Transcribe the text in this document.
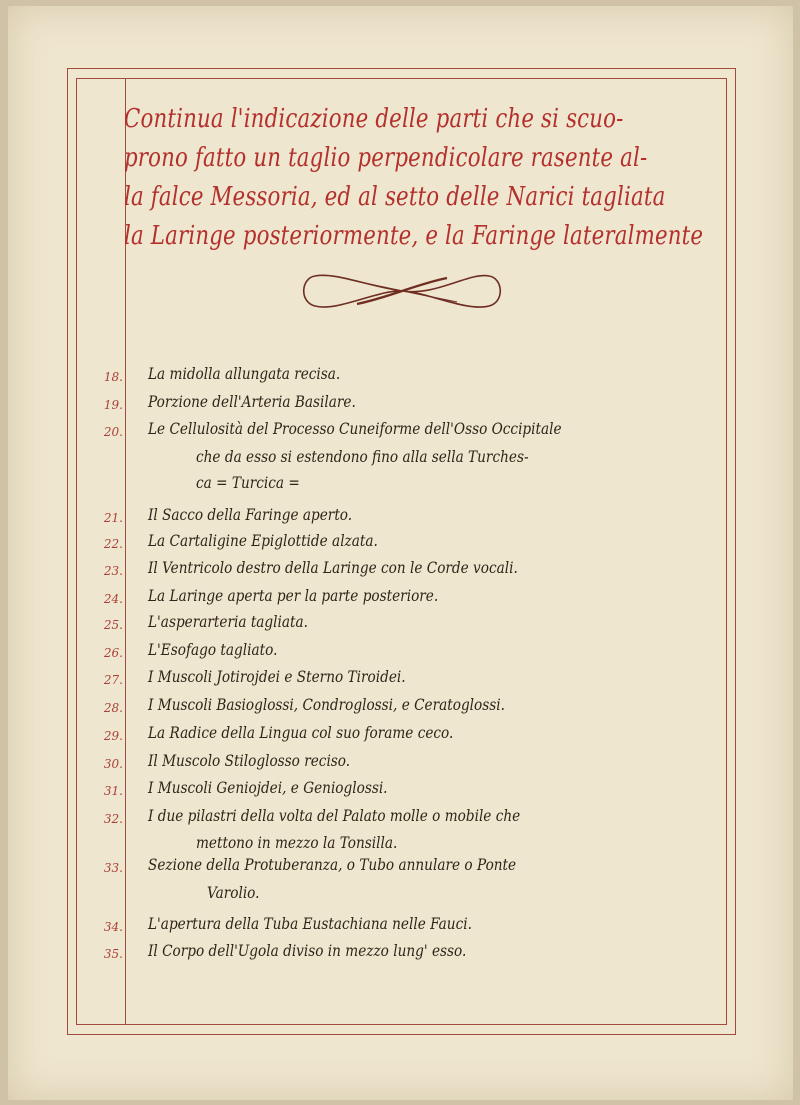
Continua l'indicazione delle parti che si scuo-
prono fatto un taglio perpendicolare rasente al-
la falce Messoria, ed al setto delle Narici tagliata
la Laringe posteriormente, e la Faringe lateralmente
18. La midolla allungata recisa.
19. Porzione dell'Arteria Basilare.
20. Le Cellulosità del Processo Cuneiforme dell'Osso Occipitale
che da esso si estendono fino alla sella Turches-
ca = Turcica =
21. Il Sacco della Faringe aperto.
22. La Cartaligine Epiglottide alzata.
23. Il Ventricolo destro della Laringe con le Corde vocali.
24. La Laringe aperta per la parte posteriore.
25. L'asperarteria tagliata.
26. L'Esofago tagliato.
27. I Muscoli Jotirojdei e Sterno Tiroidei.
28. I Muscoli Basioglossi, Condroglossi, e Ceratoglossi.
29. La Radice della Lingua col suo forame ceco.
30. Il Muscolo Stiloglosso reciso.
31. I Muscoli Geniojdei, e Genioglossi.
32. I due pilastri della volta del Palato molle o mobile che
mettono in mezzo la Tonsilla.
33. Sezione della Protuberanza, o Tubo annulare o Ponte
Varolio.
34. L'apertura della Tuba Eustachiana nelle Fauci.
35. Il Corpo dell'Ugola diviso in mezzo lung' esso.
